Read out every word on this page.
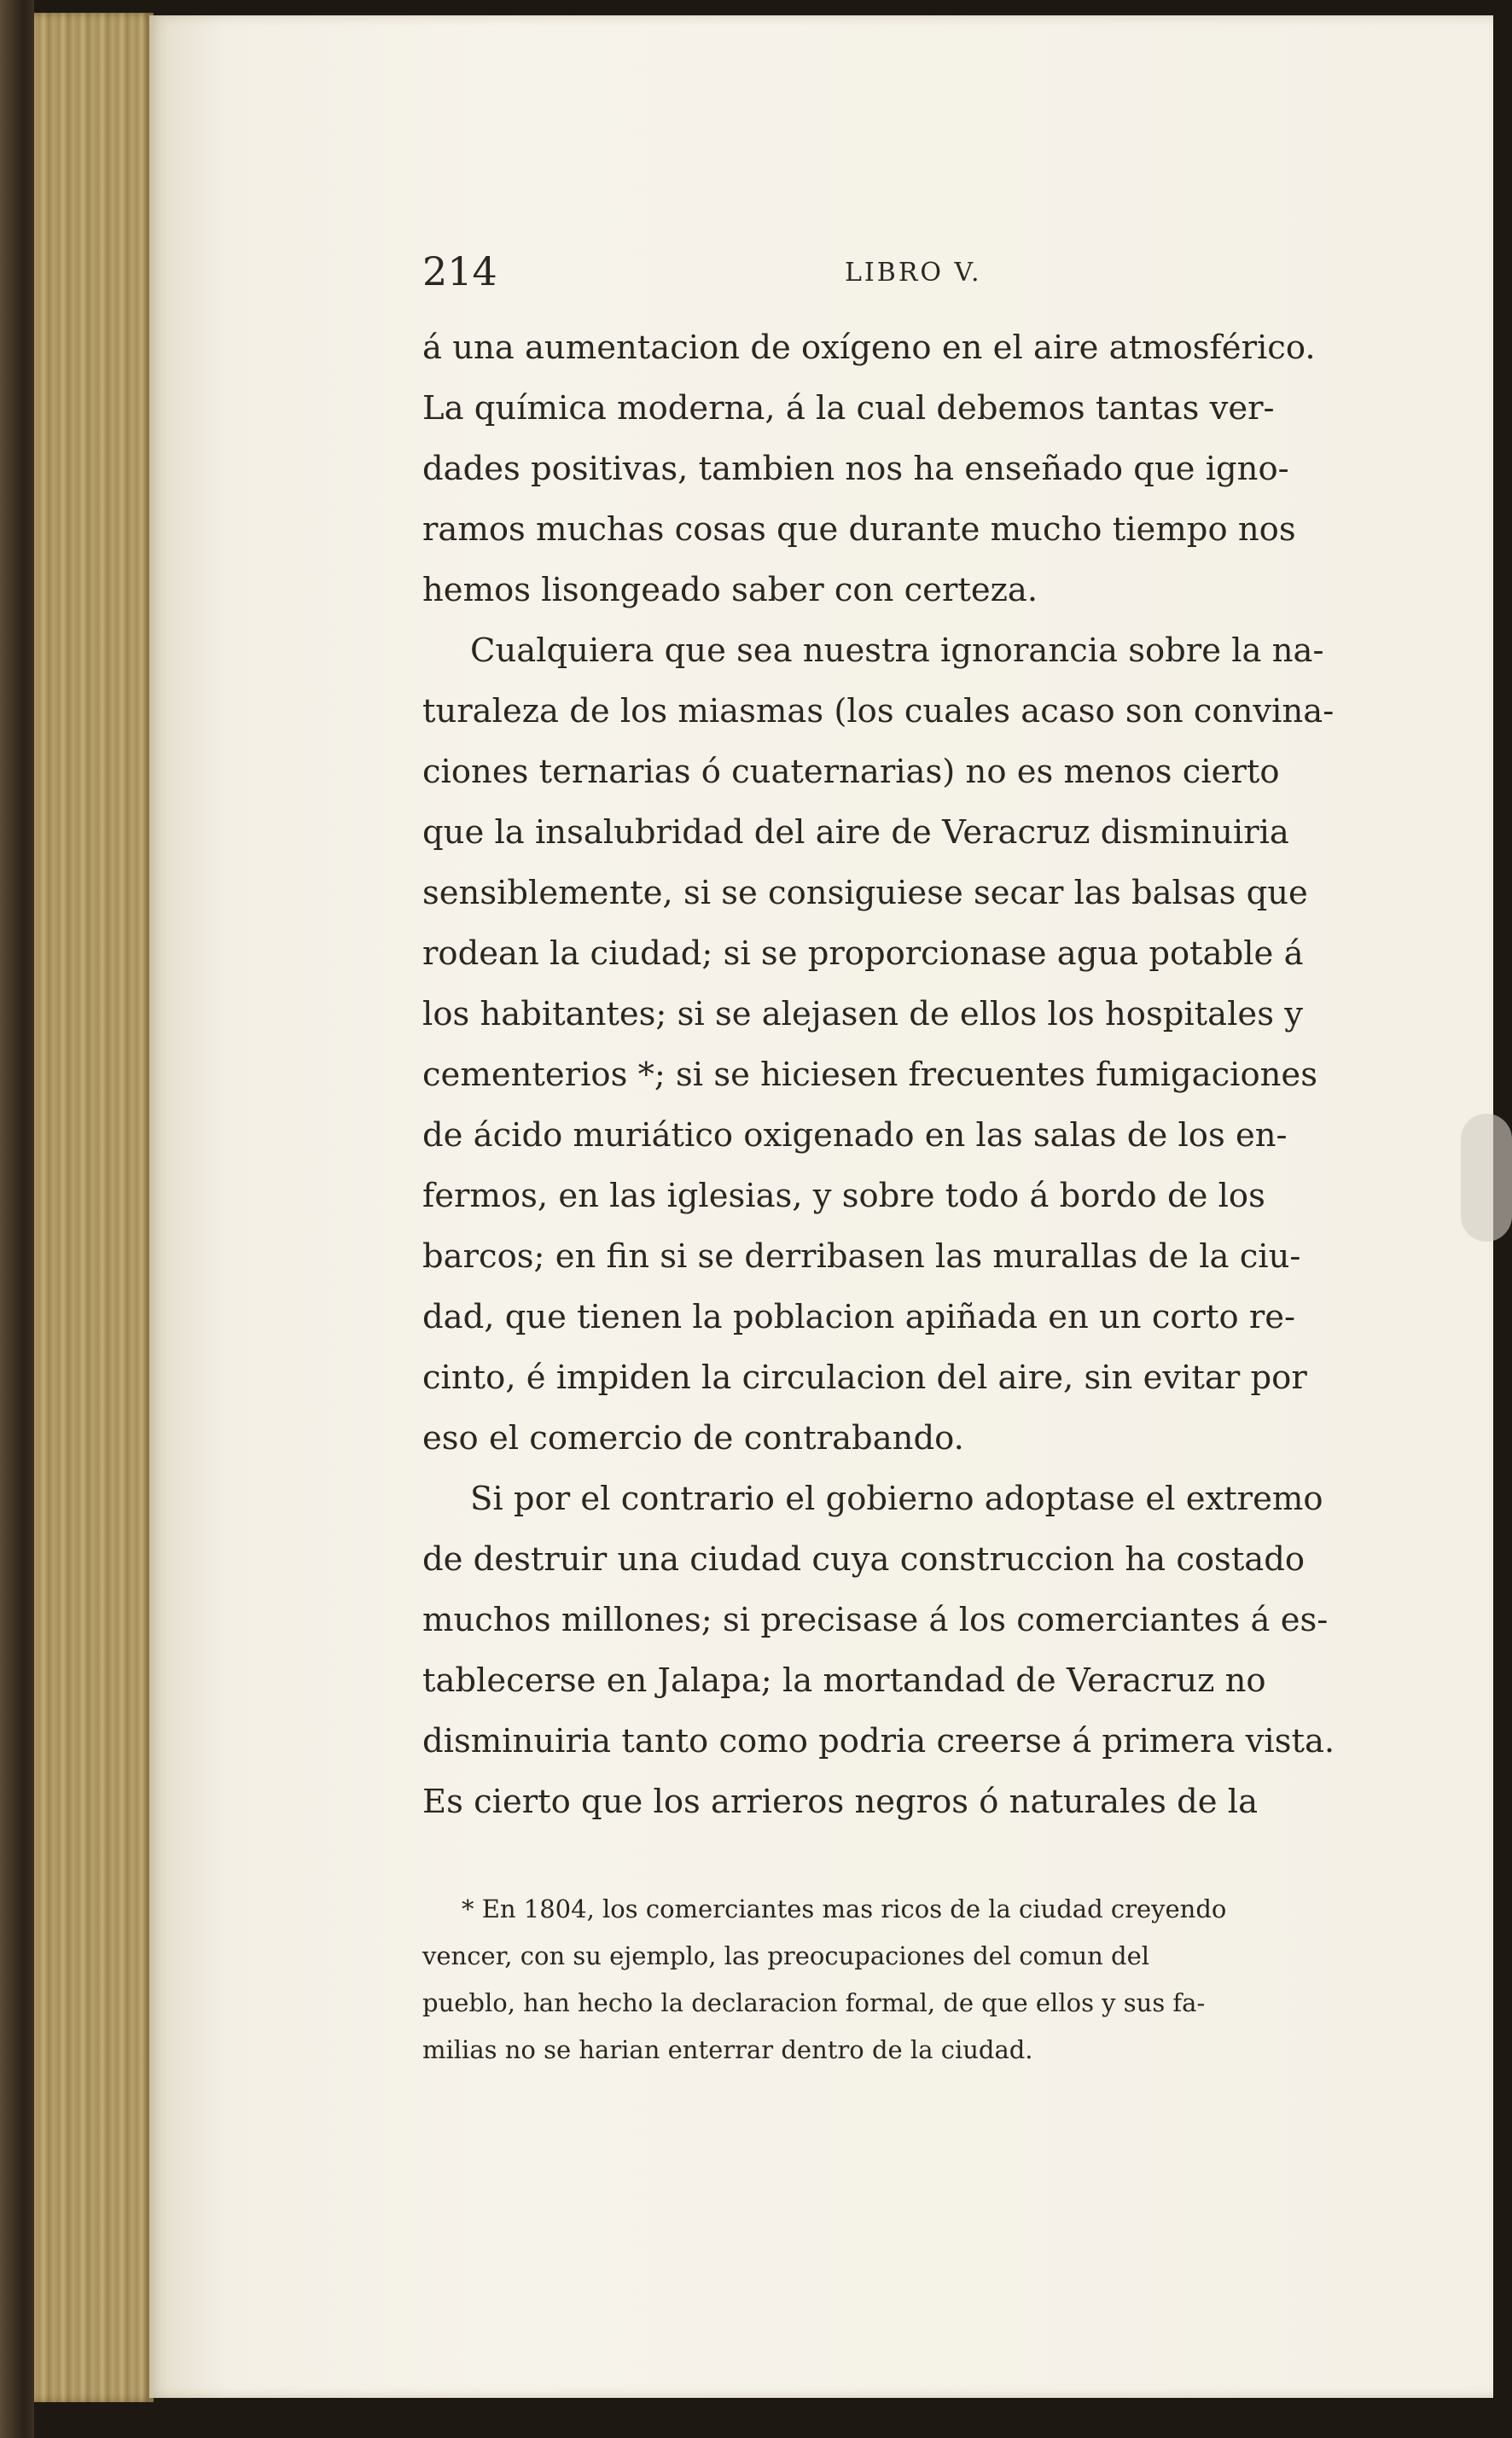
214	LIBRO V.
á una aumentacion de oxígeno en el aire atmosférico.
La química moderna, á la cual debemos tantas ver-
dades positivas, tambien nos ha enseñado que igno-
ramos muchas cosas que durante mucho tiempo nos
hemos lisongeado saber con certeza.
Cualquiera que sea nuestra ignorancia sobre la na-
turaleza de los miasmas (los cuales acaso son convina-
ciones ternarias ó cuaternarias) no es menos cierto
que la insalubridad del aire de Veracruz disminuiria
sensiblemente, si se consiguiese secar las balsas que
rodean la ciudad; si se proporcionase agua potable á
los habitantes; si se alejasen de ellos los hospitales y
cementerios *; si se hiciesen frecuentes fumigaciones
de ácido muriático oxigenado en las salas de los en-
fermos, en las iglesias, y sobre todo á bordo de los
barcos; en fin si se derribasen las murallas de la ciu-
dad, que tienen la poblacion apiñada en un corto re-
cinto, é impiden la circulacion del aire, sin evitar por
eso el comercio de contrabando.
Si por el contrario el gobierno adoptase el extremo
de destruir una ciudad cuya construccion ha costado
muchos millones; si precisase á los comerciantes á es-
tablecerse en Jalapa; la mortandad de Veracruz no
disminuiria tanto como podria creerse á primera vista.
Es cierto que los arrieros negros ó naturales de la
* En 1804, los comerciantes mas ricos de la ciudad creyendo
vencer, con su ejemplo, las preocupaciones del comun del
pueblo, han hecho la declaracion formal, de que ellos y sus fa-
milias no se harian enterrar dentro de la ciudad.
